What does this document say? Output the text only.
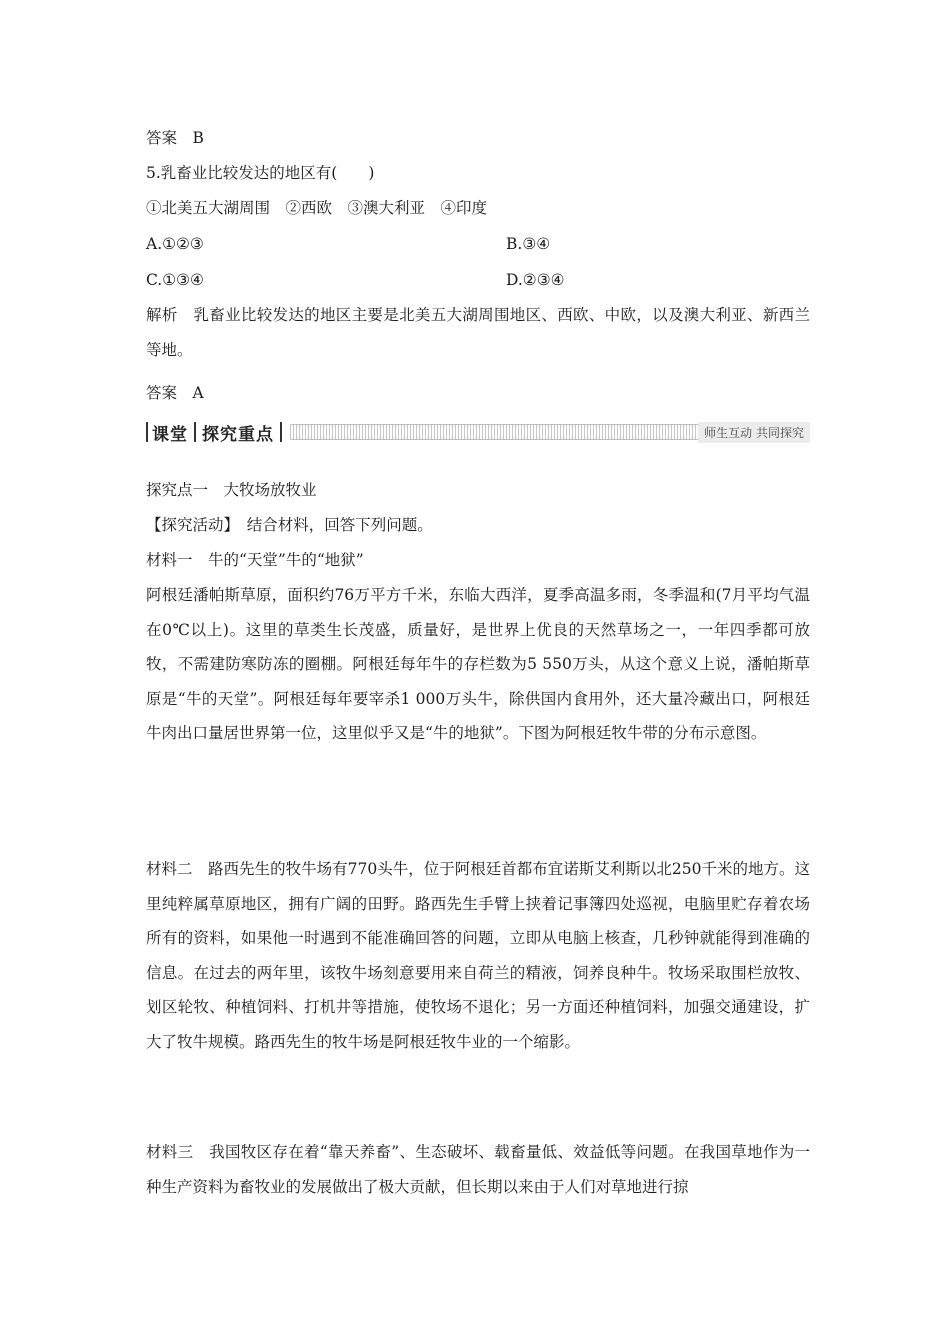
答案　B
5.乳畜业比较发达的地区有(　　)
①北美五大湖周围　②西欧　③澳大利亚　④印度
A.①②③	B.③④
C.①③④	D.②③④
解析　乳畜业比较发达的地区主要是北美五大湖周围地区、西欧、中欧，以及澳大利亚、新西兰等地。
答案　A
课堂 探究重点	师生互动 共同探究
探究点一　大牧场放牧业
【探究活动】　结合材料，回答下列问题。
材料一　牛的“天堂”牛的“地狱”
阿根廷潘帕斯草原，面积约76万平方千米，东临大西洋，夏季高温多雨，冬季温和(7月平均气温在0℃以上)。这里的草类生长茂盛，质量好，是世界上优良的天然草场之一，一年四季都可放牧，不需建防寒防冻的圈棚。阿根廷每年牛的存栏数为5 550万头，从这个意义上说，潘帕斯草原是“牛的天堂”。阿根廷每年要宰杀1 000万头牛，除供国内食用外，还大量冷藏出口，阿根廷牛肉出口量居世界第一位，这里似乎又是“牛的地狱”。下图为阿根廷牧牛带的分布示意图。
材料二　路西先生的牧牛场有770头牛，位于阿根廷首都布宜诺斯艾利斯以北250千米的地方。这里纯粹属草原地区，拥有广阔的田野。路西先生手臂上挟着记事簿四处巡视，电脑里贮存着农场所有的资料，如果他一时遇到不能准确回答的问题，立即从电脑上核查，几秒钟就能得到准确的信息。在过去的两年里，该牧牛场刻意要用来自荷兰的精液，饲养良种牛。牧场采取围栏放牧、划区轮牧、种植饲料、打机井等措施，使牧场不退化；另一方面还种植饲料，加强交通建设，扩大了牧牛规模。路西先生的牧牛场是阿根廷牧牛业的一个缩影。
材料三　我国牧区存在着“靠天养畜”、生态破坏、载畜量低、效益低等问题。在我国草地作为一种生产资料为畜牧业的发展做出了极大贡献，但长期以来由于人们对草地进行掠
